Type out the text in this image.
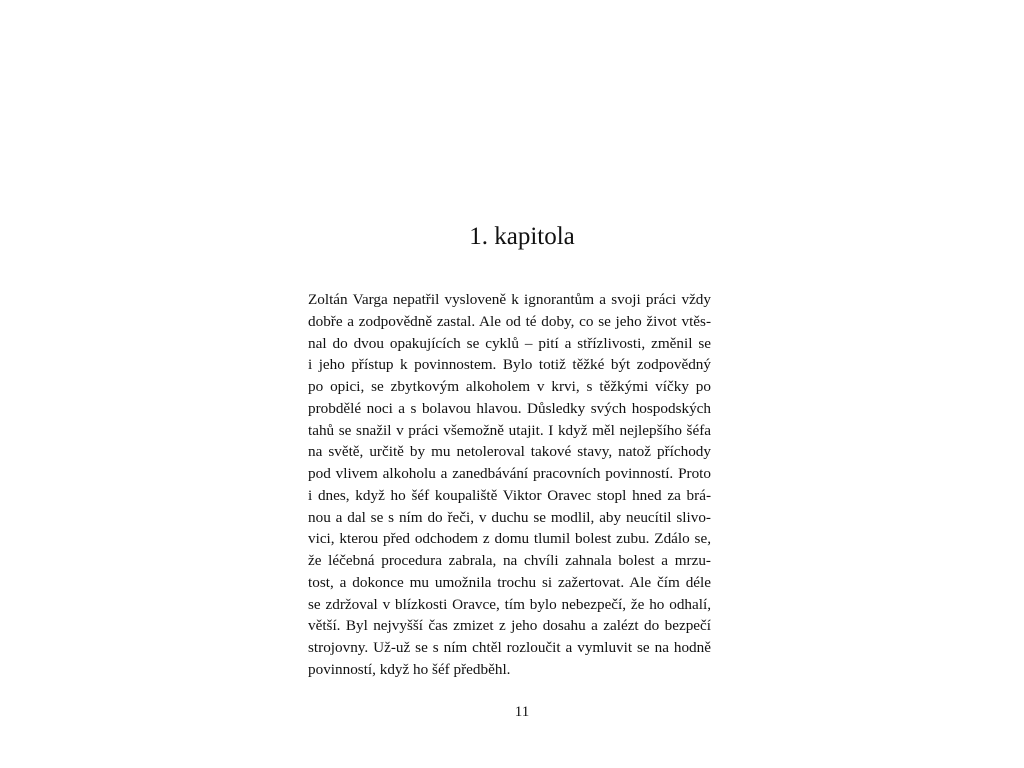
1. kapitola
Zoltán Varga nepatřil vysloveně k ignorantům a svoji práci vždy
dobře a zodpovědně zastal. Ale od té doby, co se jeho život vtěs-
nal do dvou opakujících se cyklů – pití a střízlivosti, změnil se
i jeho přístup k povinnostem. Bylo totiž těžké být zodpovědný
po opici, se zbytkovým alkoholem v krvi, s těžkými víčky po
probdělé noci a s bolavou hlavou. Důsledky svých hospodských
tahů se snažil v práci všemožně utajit. I když měl nejlepšího šéfa
na světě, určitě by mu netoleroval takové stavy, natož příchody
pod vlivem alkoholu a zanedbávání pracovních povinností. Proto
i dnes, když ho šéf koupaliště Viktor Oravec stopl hned za brá-
nou a dal se s ním do řeči, v duchu se modlil, aby neucítil slivo-
vici, kterou před odchodem z domu tlumil bolest zubu. Zdálo se,
že léčebná procedura zabrala, na chvíli zahnala bolest a mrzu-
tost, a dokonce mu umožnila trochu si zažertovat. Ale čím déle
se zdržoval v blízkosti Oravce, tím bylo nebezpečí, že ho odhalí,
větší. Byl nejvyšší čas zmizet z jeho dosahu a zalézt do bezpečí
strojovny. Už-už se s ním chtěl rozloučit a vymluvit se na hodně
povinností, když ho šéf předběhl.
11
